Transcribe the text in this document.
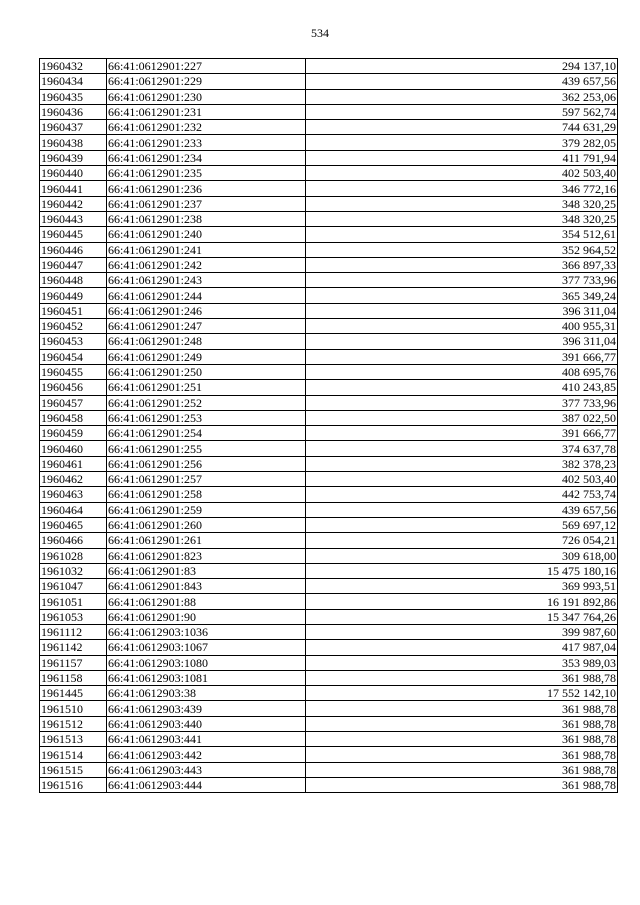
534
1960432	66:41:0612901:227	294 137,10
1960434	66:41:0612901:229	439 657,56
1960435	66:41:0612901:230	362 253,06
1960436	66:41:0612901:231	597 562,74
1960437	66:41:0612901:232	744 631,29
1960438	66:41:0612901:233	379 282,05
1960439	66:41:0612901:234	411 791,94
1960440	66:41:0612901:235	402 503,40
1960441	66:41:0612901:236	346 772,16
1960442	66:41:0612901:237	348 320,25
1960443	66:41:0612901:238	348 320,25
1960445	66:41:0612901:240	354 512,61
1960446	66:41:0612901:241	352 964,52
1960447	66:41:0612901:242	366 897,33
1960448	66:41:0612901:243	377 733,96
1960449	66:41:0612901:244	365 349,24
1960451	66:41:0612901:246	396 311,04
1960452	66:41:0612901:247	400 955,31
1960453	66:41:0612901:248	396 311,04
1960454	66:41:0612901:249	391 666,77
1960455	66:41:0612901:250	408 695,76
1960456	66:41:0612901:251	410 243,85
1960457	66:41:0612901:252	377 733,96
1960458	66:41:0612901:253	387 022,50
1960459	66:41:0612901:254	391 666,77
1960460	66:41:0612901:255	374 637,78
1960461	66:41:0612901:256	382 378,23
1960462	66:41:0612901:257	402 503,40
1960463	66:41:0612901:258	442 753,74
1960464	66:41:0612901:259	439 657,56
1960465	66:41:0612901:260	569 697,12
1960466	66:41:0612901:261	726 054,21
1961028	66:41:0612901:823	309 618,00
1961032	66:41:0612901:83	15 475 180,16
1961047	66:41:0612901:843	369 993,51
1961051	66:41:0612901:88	16 191 892,86
1961053	66:41:0612901:90	15 347 764,26
1961112	66:41:0612903:1036	399 987,60
1961142	66:41:0612903:1067	417 987,04
1961157	66:41:0612903:1080	353 989,03
1961158	66:41:0612903:1081	361 988,78
1961445	66:41:0612903:38	17 552 142,10
1961510	66:41:0612903:439	361 988,78
1961512	66:41:0612903:440	361 988,78
1961513	66:41:0612903:441	361 988,78
1961514	66:41:0612903:442	361 988,78
1961515	66:41:0612903:443	361 988,78
1961516	66:41:0612903:444	361 988,78
